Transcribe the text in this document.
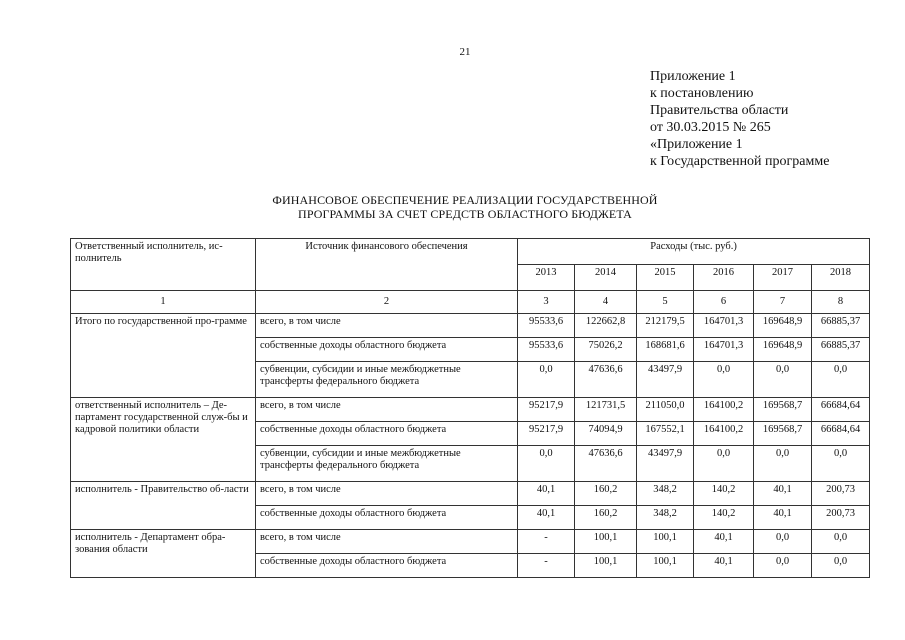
21
Приложение 1
к постановлению
Правительства области
от 30.03.2015 № 265
«Приложение 1
к Государственной программе
ФИНАНСОВОЕ ОБЕСПЕЧЕНИЕ РЕАЛИЗАЦИИ ГОСУДАРСТВЕННОЙ
ПРОГРАММЫ ЗА СЧЕТ СРЕДСТВ ОБЛАСТНОГО БЮДЖЕТА
Ответственный исполнитель, ис-полнитель	Источник финансового обеспечения	Расходы (тыс. руб.)					
		2013	2014	2015	2016	2017	2018
1	2	3	4	5	6	7	8
Итого по государственной про-грамме	всего, в том числе	95533,6	122662,8	212179,5	164701,3	169648,9	66885,37
	собственные доходы областного бюджета	95533,6	75026,2	168681,6	164701,3	169648,9	66885,37
	субвенции, субсидии и иные межбюджетные трансферты федерального бюджета	0,0	47636,6	43497,9	0,0	0,0	0,0
ответственный исполнитель – Де-партамент государственной служ-бы и кадровой политики области	всего, в том числе	95217,9	121731,5	211050,0	164100,2	169568,7	66684,64
	собственные доходы областного бюджета	95217,9	74094,9	167552,1	164100,2	169568,7	66684,64
	субвенции, субсидии и иные межбюджетные трансферты федерального бюджета	0,0	47636,6	43497,9	0,0	0,0	0,0
исполнитель - Правительство об-ласти	всего, в том числе	40,1	160,2	348,2	140,2	40,1	200,73
	собственные доходы областного бюджета	40,1	160,2	348,2	140,2	40,1	200,73
исполнитель - Департамент обра-зования области	всего, в том числе	-	100,1	100,1	40,1	0,0	0,0
	собственные доходы областного бюджета	-	100,1	100,1	40,1	0,0	0,0
